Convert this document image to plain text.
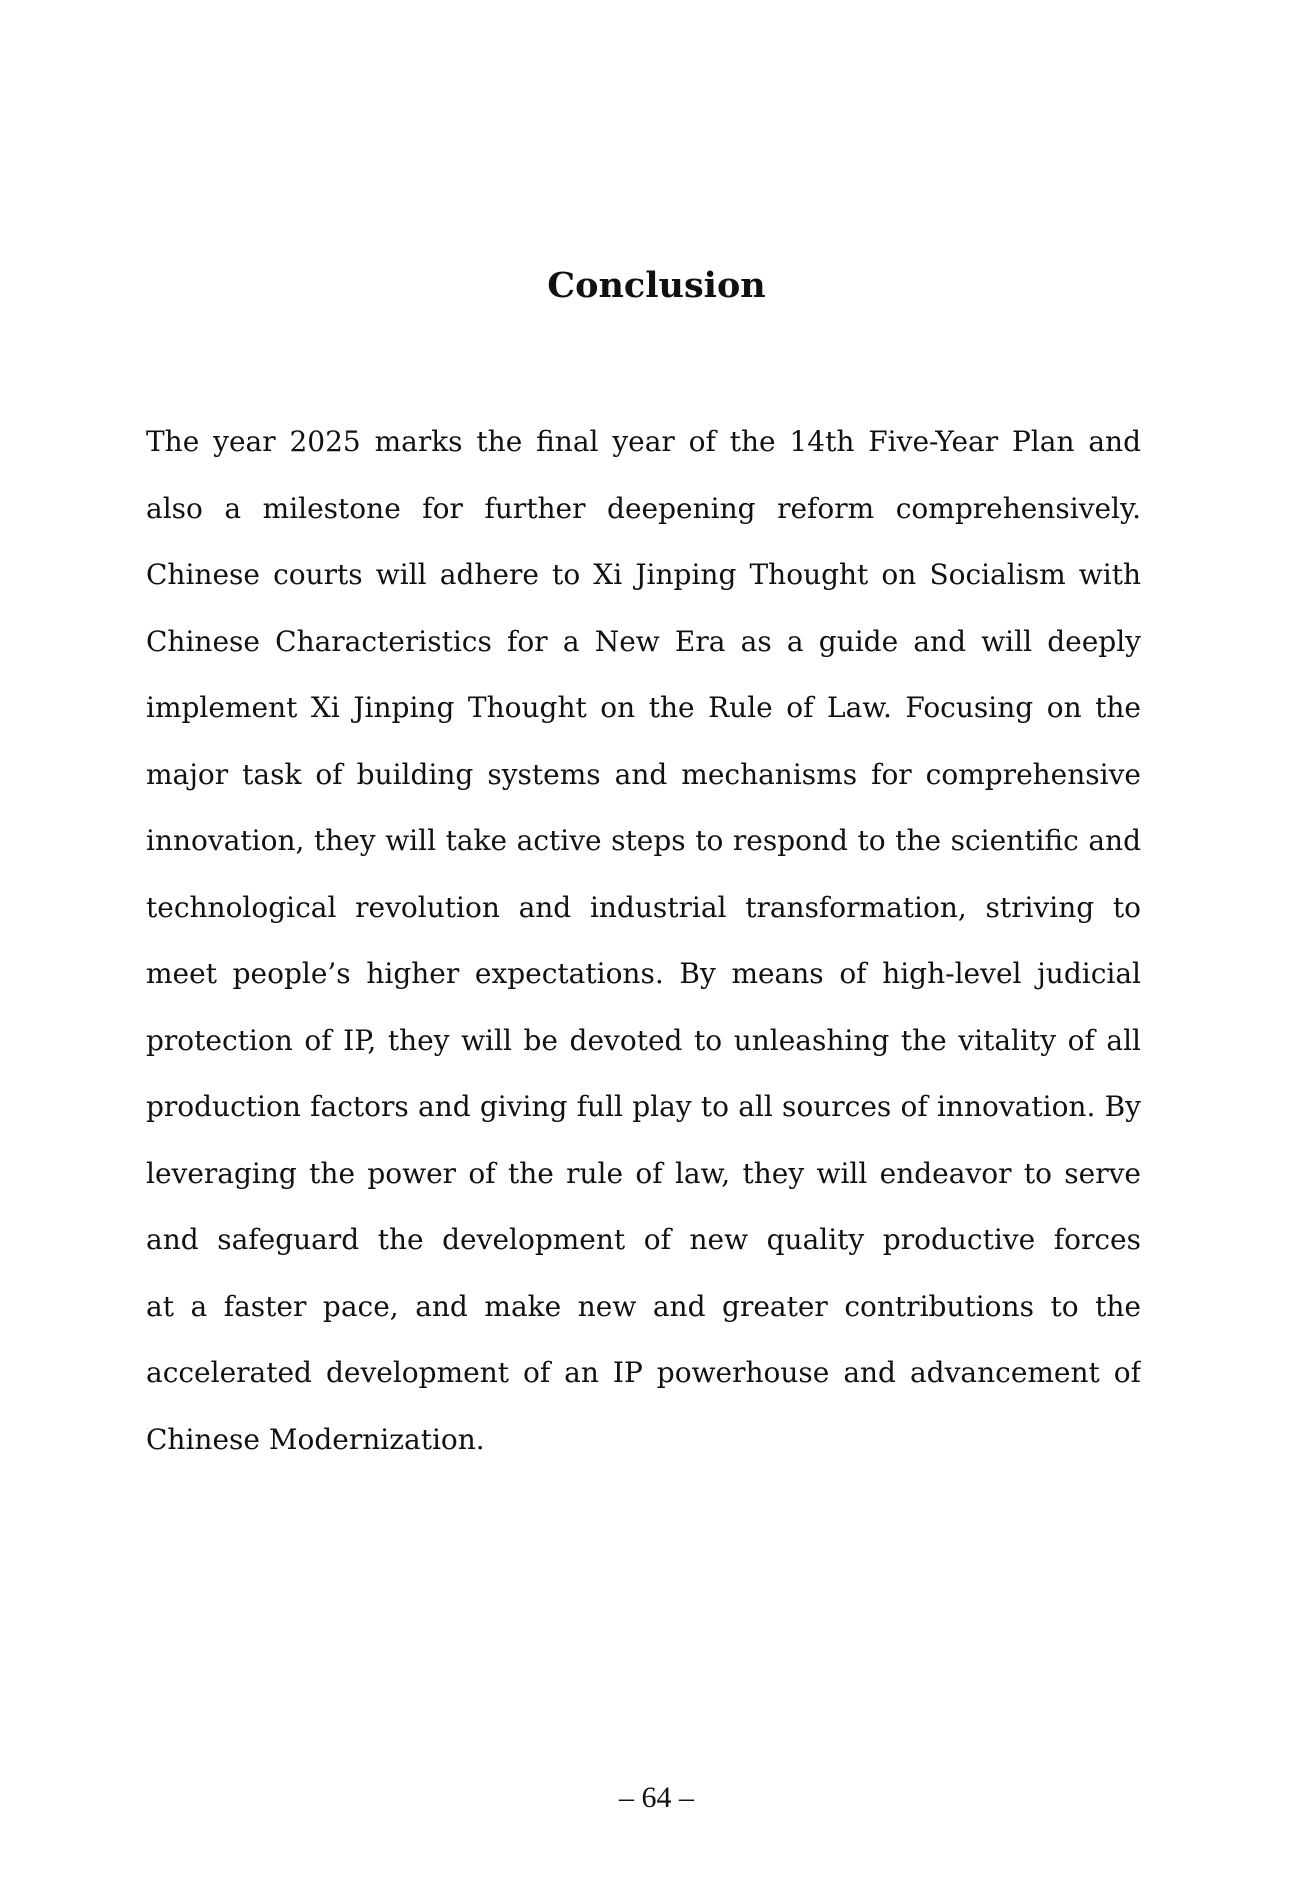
Conclusion
The year 2025 marks the final year of the 14th Five-Year Plan and
also a milestone for further deepening reform comprehensively.
Chinese courts will adhere to Xi Jinping Thought on Socialism with
Chinese Characteristics for a New Era as a guide and will deeply
implement Xi Jinping Thought on the Rule of Law. Focusing on the
major task of building systems and mechanisms for comprehensive
innovation, they will take active steps to respond to the scientific and
technological revolution and industrial transformation, striving to
meet people’s higher expectations. By means of high-level judicial
protection of IP, they will be devoted to unleashing the vitality of all
production factors and giving full play to all sources of innovation. By
leveraging the power of the rule of law, they will endeavor to serve
and safeguard the development of new quality productive forces
at a faster pace, and make new and greater contributions to the
accelerated development of an IP powerhouse and advancement of
Chinese Modernization.
– 64 –
